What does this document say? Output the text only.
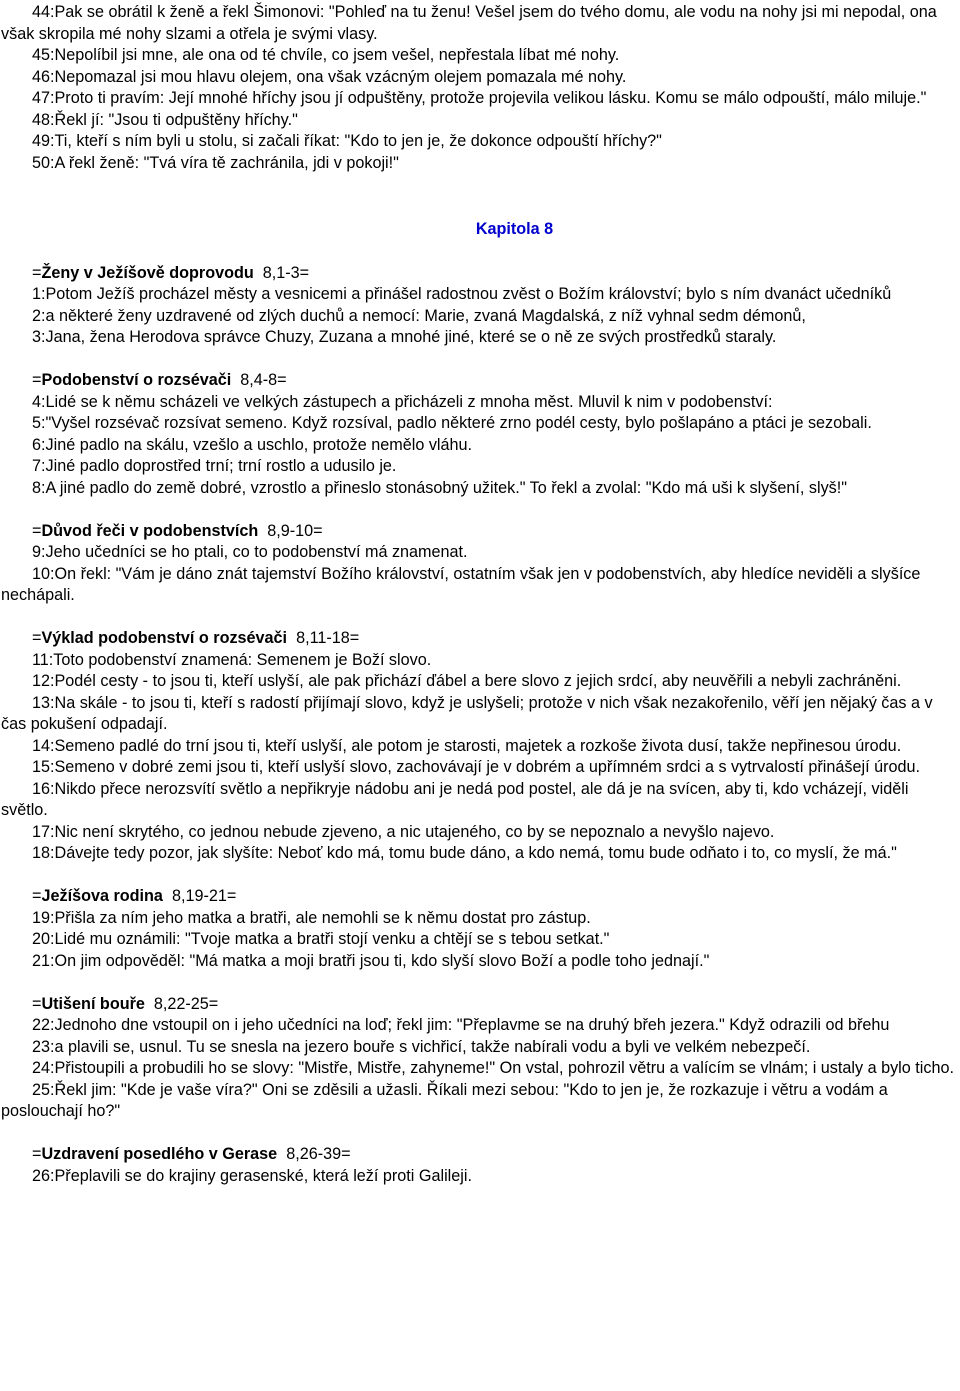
44:Pak se obrátil k ženě a řekl Šimonovi: "Pohleď na tu ženu! Vešel jsem do tvého domu, ale vodu na nohy jsi mi nepodal, ona však skropila mé nohy slzami a otřela je svými vlasy.

45:Nepolíbil jsi mne, ale ona od té chvíle, co jsem vešel, nepřestala líbat mé nohy.

46:Nepomazal jsi mou hlavu olejem, ona však vzácným olejem pomazala mé nohy.

47:Proto ti pravím: Její mnohé hříchy jsou jí odpuštěny, protože projevila velikou lásku. Komu se málo odpouští, málo miluje."

48:Řekl jí: "Jsou ti odpuštěny hříchy."

49:Ti, kteří s ním byli u stolu, si začali říkat: "Kdo to jen je, že dokonce odpouští hříchy?"

50:A řekl ženě: "Tvá víra tě zachránila, jdi v pokoji!"

Kapitola 8

=Ženy v Ježíšově doprovodu 8,1-3=

1:Potom Ježíš procházel městy a vesnicemi a přinášel radostnou zvěst o Božím království; bylo s ním dvanáct učedníků

2:a některé ženy uzdravené od zlých duchů a nemocí: Marie, zvaná Magdalská, z níž vyhnal sedm démonů,

3:Jana, žena Herodova správce Chuzy, Zuzana a mnohé jiné, které se o ně ze svých prostředků staraly.

=Podobenství o rozsévači 8,4-8=

4:Lidé se k němu scházeli ve velkých zástupech a přicházeli z mnoha měst. Mluvil k nim v podobenství:

5:"Vyšel rozsévač rozsívat semeno. Když rozsíval, padlo některé zrno podél cesty, bylo pošlapáno a ptáci je sezobali.

6:Jiné padlo na skálu, vzešlo a uschlo, protože nemělo vláhu.

7:Jiné padlo doprostřed trní; trní rostlo a udusilo je.

8:A jiné padlo do země dobré, vzrostlo a přineslo stonásobný užitek." To řekl a zvolal: "Kdo má uši k slyšení, slyš!"

=Důvod řeči v podobenstvích 8,9-10=

9:Jeho učedníci se ho ptali, co to podobenství má znamenat.

10:On řekl: "Vám je dáno znát tajemství Božího království, ostatním však jen v podobenstvích, aby hledíce neviděli a slyšíce nechápali.

=Výklad podobenství o rozsévači 8,11-18=

11:Toto podobenství znamená: Semenem je Boží slovo.

12:Podél cesty - to jsou ti, kteří uslyší, ale pak přichází ďábel a bere slovo z jejich srdcí, aby neuvěřili a nebyli zachráněni.

13:Na skále - to jsou ti, kteří s radostí přijímají slovo, když je uslyšeli; protože v nich však nezakořenilo, věří jen nějaký čas a v čas pokušení odpadají.

14:Semeno padlé do trní jsou ti, kteří uslyší, ale potom je starosti, majetek a rozkoše života dusí, takže nepřinesou úrodu.

15:Semeno v dobré zemi jsou ti, kteří uslyší slovo, zachovávají je v dobrém a upřímném srdci a s vytrvalostí přinášejí úrodu.

16:Nikdo přece nerozsvítí světlo a nepřikryje nádobu ani je nedá pod postel, ale dá je na svícen, aby ti, kdo vcházejí, viděli světlo.

17:Nic není skrytého, co jednou nebude zjeveno, a nic utajeného, co by se nepoznalo a nevyšlo najevo.

18:Dávejte tedy pozor, jak slyšíte: Neboť kdo má, tomu bude dáno, a kdo nemá, tomu bude odňato i to, co myslí, že má."

=Ježíšova rodina 8,19-21=

19:Přišla za ním jeho matka a bratři, ale nemohli se k němu dostat pro zástup.

20:Lidé mu oznámili: "Tvoje matka a bratři stojí venku a chtějí se s tebou setkat."

21:On jim odpověděl: "Má matka a moji bratři jsou ti, kdo slyší slovo Boží a podle toho jednají."

=Utišení bouře 8,22-25=

22:Jednoho dne vstoupil on i jeho učedníci na loď; řekl jim: "Přeplavme se na druhý břeh jezera." Když odrazili od břehu

23:a plavili se, usnul. Tu se snesla na jezero bouře s vichřicí, takže nabírali vodu a byli ve velkém nebezpečí.

24:Přistoupili a probudili ho se slovy: "Mistře, Mistře, zahyneme!" On vstal, pohrozil větru a valícím se vlnám; i ustaly a bylo ticho.

25:Řekl jim: "Kde je vaše víra?" Oni se zděsili a užasli. Říkali mezi sebou: "Kdo to jen je, že rozkazuje i větru a vodám a poslouchají ho?"

=Uzdravení posedlého v Gerase 8,26-39=

26:Přeplavili se do krajiny gerasenské, která leží proti Galileji.
